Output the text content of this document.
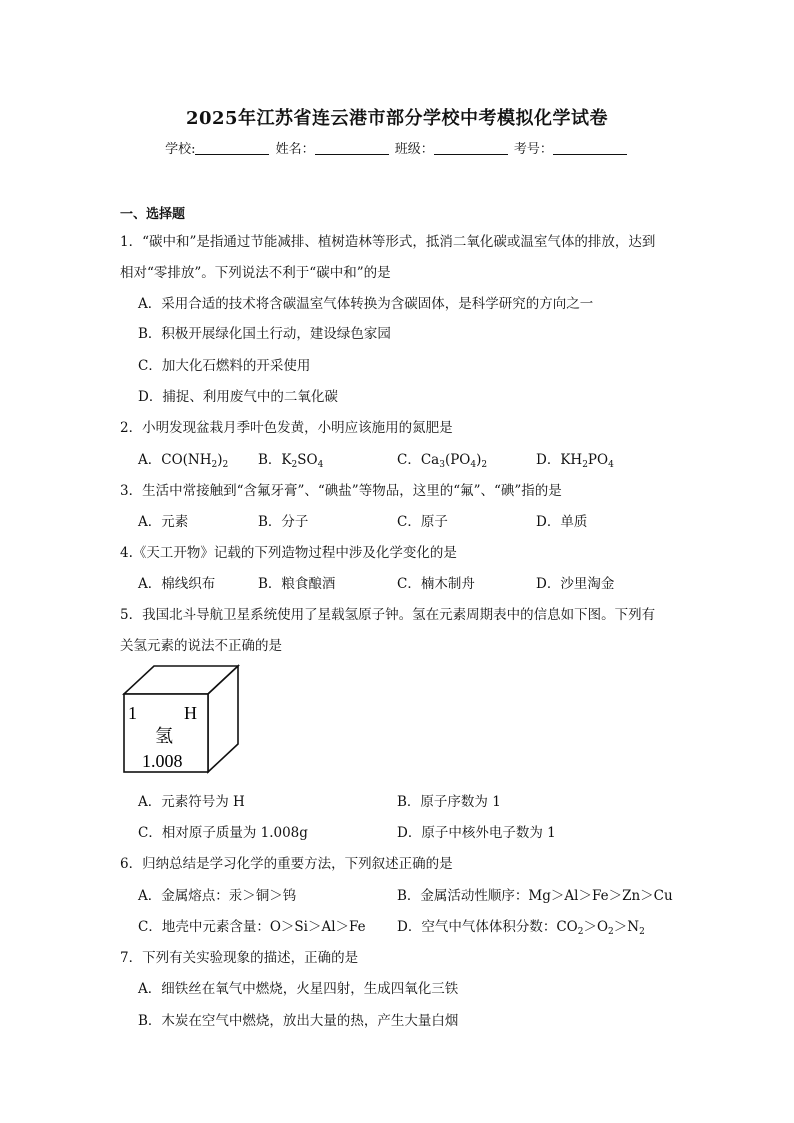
2025年江苏省连云港市部分学校中考模拟化学试卷
学校:	姓名：	班级：	考号：
一、选择题
1．“碳中和”是指通过节能减排、植树造林等形式，抵消二氧化碳或温室气体的排放，达到
相对“零排放”。下列说法不利于“碳中和”的是
A．采用合适的技术将含碳温室气体转换为含碳固体，是科学研究的方向之一
B．积极开展绿化国土行动，建设绿色家园
C．加大化石燃料的开采使用
D．捕捉、利用废气中的二氧化碳
2．小明发现盆栽月季叶色发黄，小明应该施用的氮肥是
A．$CO(NH_2)_2$ B．$K_2SO_4$	C．$Ca_3(PO_4)_2$	D．$KH_2PO_4$
3．生活中常接触到“含氟牙膏”、“碘盐”等物品，这里的“氟”、“碘”指的是
A．元素	B．分子	C．原子	D．单质
4.《天工开物》记载的下列造物过程中涉及化学变化的是
A．棉线织布	B．粮食酿酒	C．楠木制舟	D．沙里淘金
5．我国北斗导航卫星系统使用了星载氢原子钟。氢在元素周期表中的信息如下图。下列有
关氢元素的说法不正确的是
1	H
氢
1.008
A．元素符号为 H	B．原子序数为 1
C．相对原子质量为 1.008g	D．原子中核外电子数为 1
6．归纳总结是学习化学的重要方法，下列叙述正确的是
A．金属熔点：汞＞铜＞钨	B．金属活动性顺序：Mg＞Al＞Fe＞Zn＞Cu
C．地壳中元素含量：O＞Si＞Al＞Fe D．空气中气体体积分数：$CO_2>O_2>N_2$
7．下列有关实验现象的描述，正确的是
A．细铁丝在氧气中燃烧，火星四射，生成四氧化三铁
B．木炭在空气中燃烧，放出大量的热，产生大量白烟
